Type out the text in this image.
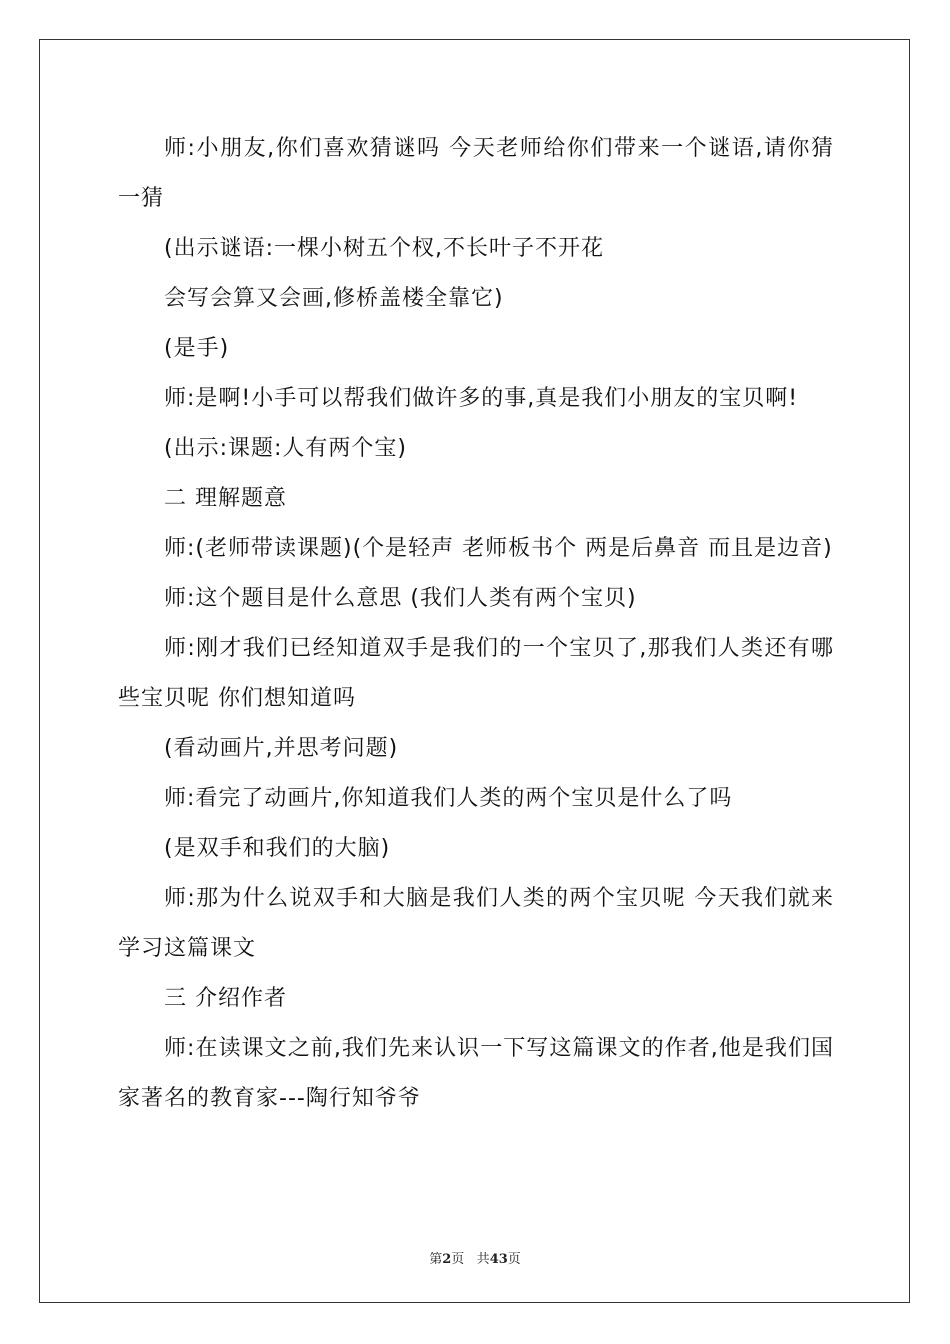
师:小朋友,你们喜欢猜谜吗 今天老师给你们带来一个谜语,请你猜一猜

(出示谜语:一棵小树五个杈,不长叶子不开花

会写会算又会画,修桥盖楼全靠它)

(是手)

师:是啊!小手可以帮我们做许多的事,真是我们小朋友的宝贝啊!

(出示:课题:人有两个宝)

二 理解题意

师:(老师带读课题)(个是轻声 老师板书个 两是后鼻音 而且是边音)

师:这个题目是什么意思 (我们人类有两个宝贝)

师:刚才我们已经知道双手是我们的一个宝贝了,那我们人类还有哪些宝贝呢 你们想知道吗

(看动画片,并思考问题)

师:看完了动画片,你知道我们人类的两个宝贝是什么了吗

(是双手和我们的大脑)

师:那为什么说双手和大脑是我们人类的两个宝贝呢 今天我们就来学习这篇课文

三 介绍作者

师:在读课文之前,我们先来认识一下写这篇课文的作者,他是我们国家著名的教育家---陶行知爷爷

第2页 共43页
